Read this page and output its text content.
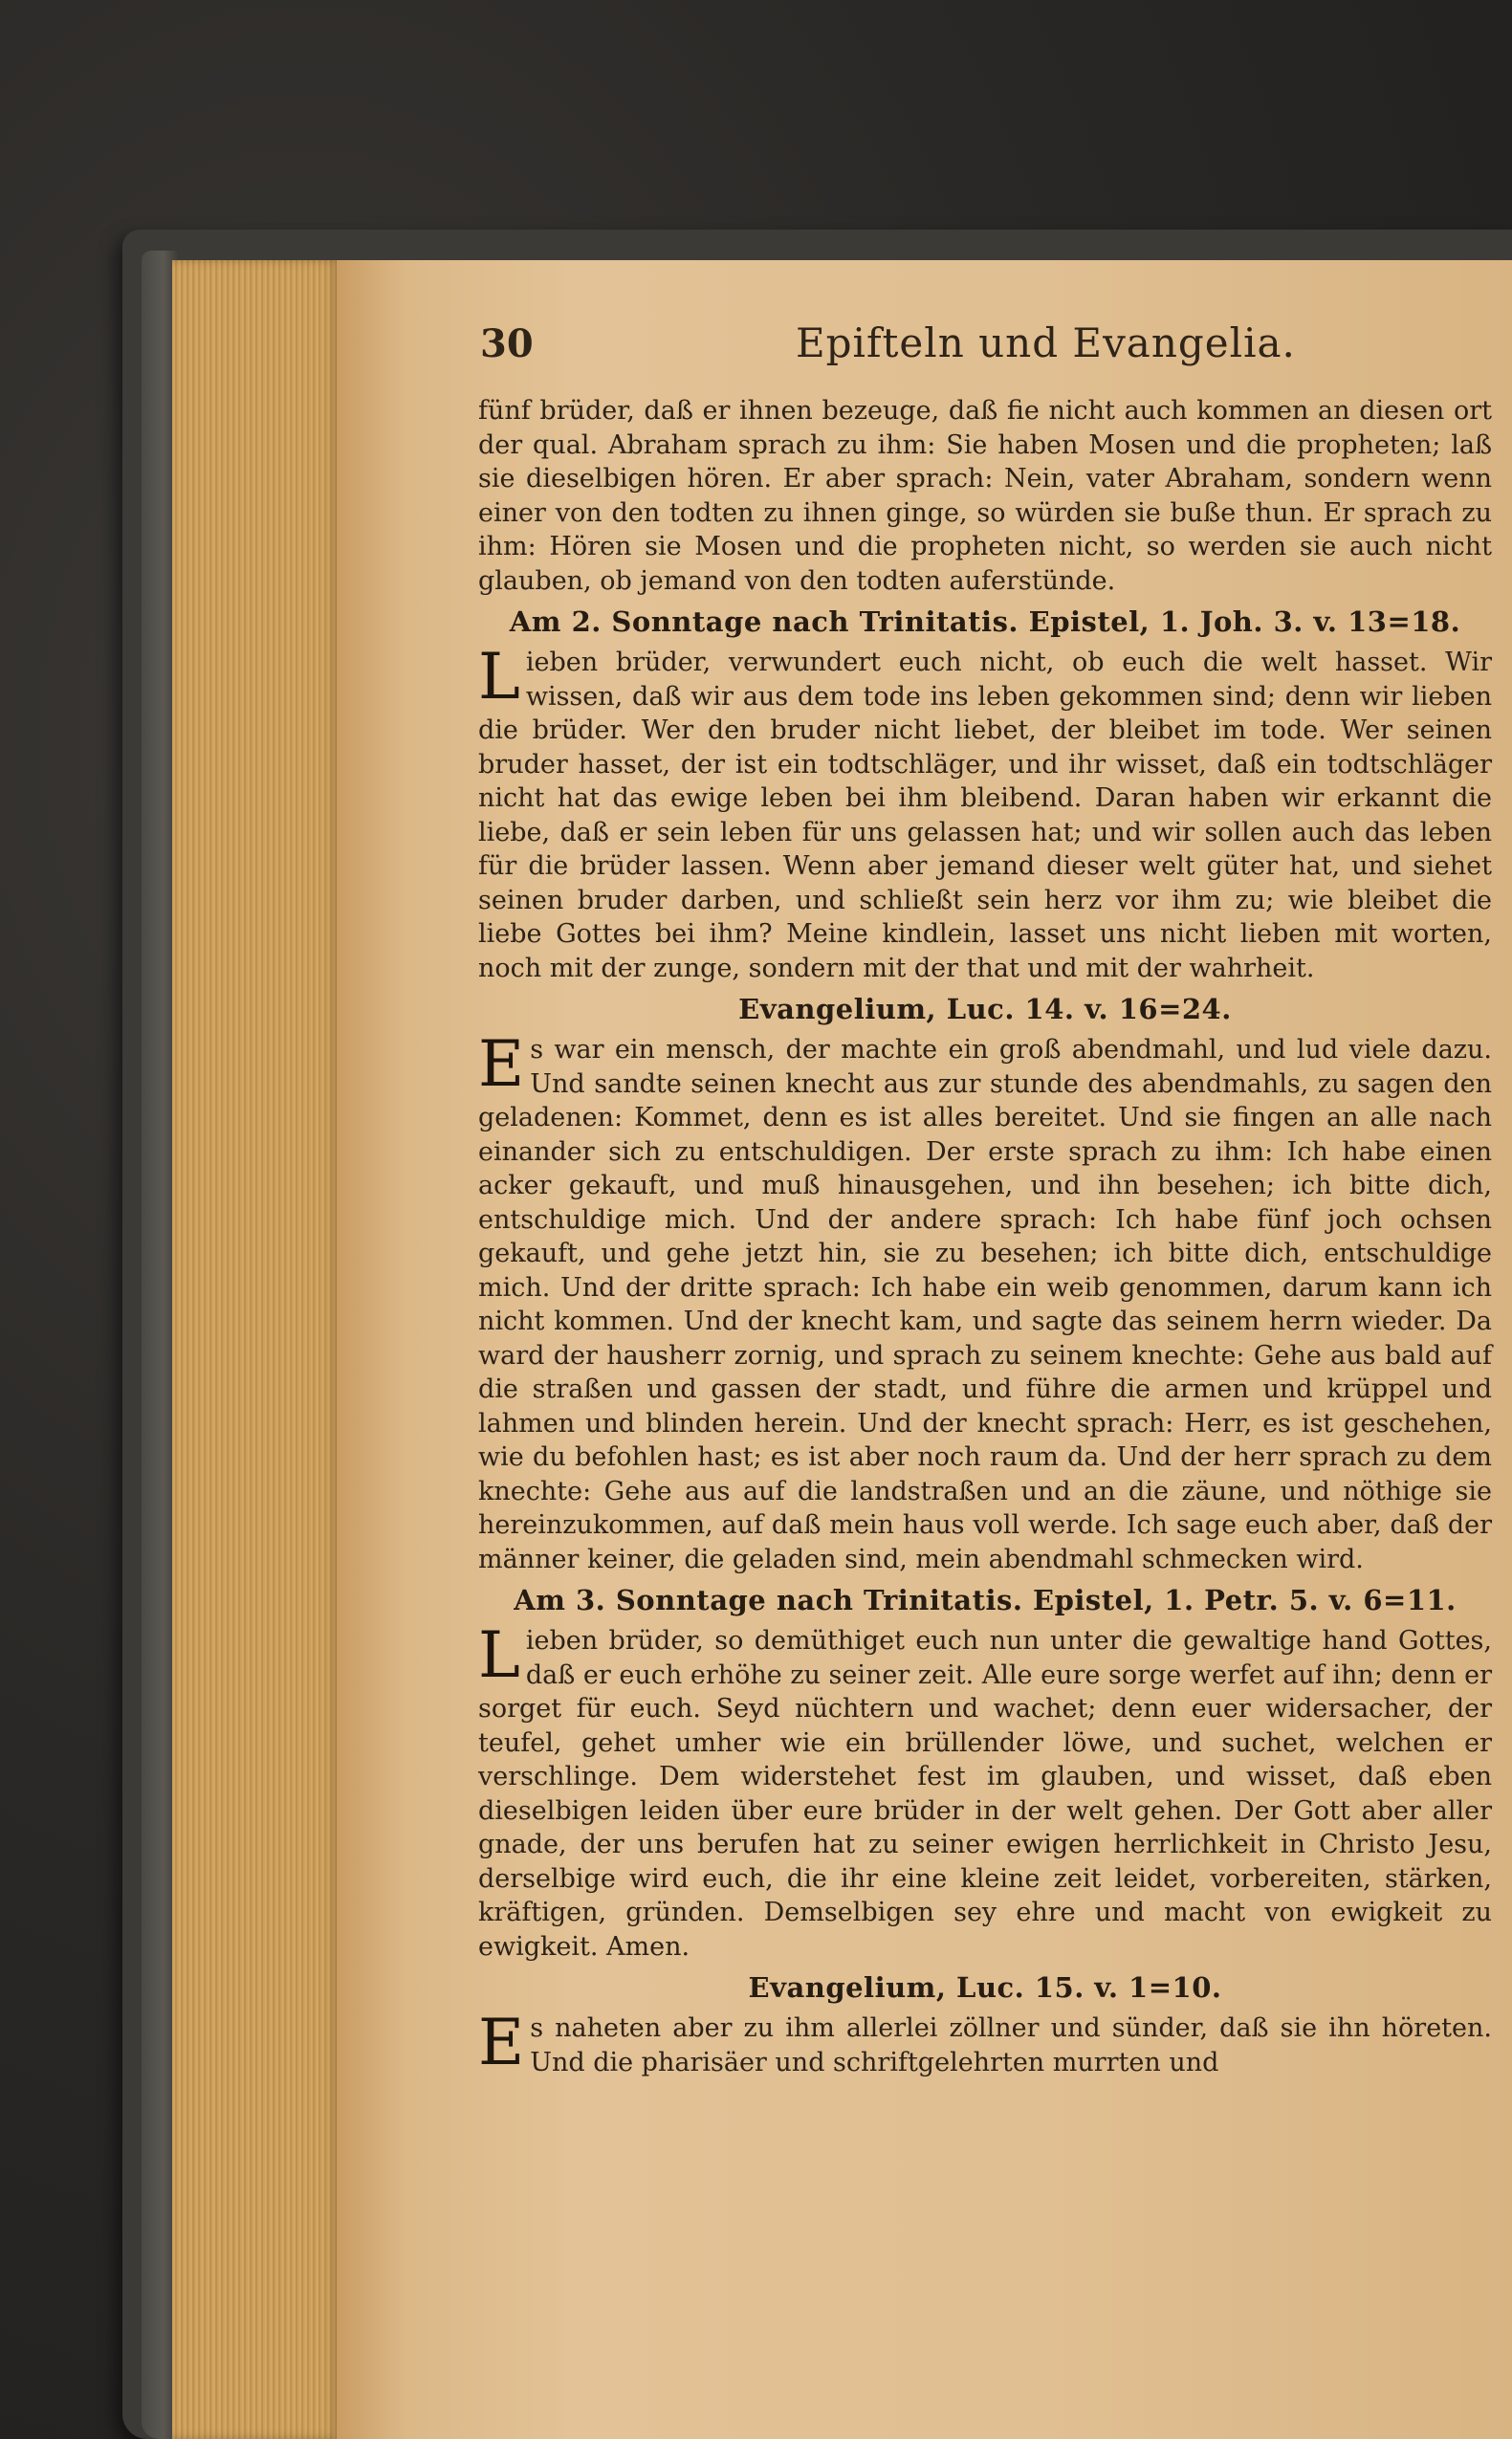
30	Epifteln und Evangelia.

fünf brüder, daß er ihnen bezeuge, daß fie nicht auch kommen an diesen ort der qual. Abraham sprach zu ihm: Sie haben Mosen und die propheten; laß sie dieselbigen hören. Er aber sprach: Nein, vater Abraham, sondern wenn einer von den todten zu ihnen ginge, so würden sie buße thun. Er sprach zu ihm: Hören sie Mosen und die propheten nicht, so werden sie auch nicht glauben, ob jemand von den todten auferstünde.

Am 2. Sonntage nach Trinitatis. Epistel, 1. Joh. 3. v. 13=18.

Lieben brüder, verwundert euch nicht, ob euch die welt hasset. Wir wissen, daß wir aus dem tode ins leben gekommen sind; denn wir lieben die brüder. Wer den bruder nicht liebet, der bleibet im tode. Wer seinen bruder hasset, der ist ein todtschläger, und ihr wisset, daß ein todtschläger nicht hat das ewige leben bei ihm bleibend. Daran haben wir erkannt die liebe, daß er sein leben für uns gelassen hat; und wir sollen auch das leben für die brüder lassen. Wenn aber jemand dieser welt güter hat, und siehet seinen bruder darben, und schließt sein herz vor ihm zu; wie bleibet die liebe Gottes bei ihm? Meine kindlein, lasset uns nicht lieben mit worten, noch mit der zunge, sondern mit der that und mit der wahrheit.

Evangelium, Luc. 14. v. 16=24.

Es war ein mensch, der machte ein groß abendmahl, und lud viele dazu. Und sandte seinen knecht aus zur stunde des abendmahls, zu sagen den geladenen: Kommet, denn es ist alles bereitet. Und sie fingen an alle nach einander sich zu entschuldigen. Der erste sprach zu ihm: Ich habe einen acker gekauft, und muß hinausgehen, und ihn besehen; ich bitte dich, entschuldige mich. Und der andere sprach: Ich habe fünf joch ochsen gekauft, und gehe jetzt hin, sie zu besehen; ich bitte dich, entschuldige mich. Und der dritte sprach: Ich habe ein weib genommen, darum kann ich nicht kommen. Und der knecht kam, und sagte das seinem herrn wieder. Da ward der hausherr zornig, und sprach zu seinem knechte: Gehe aus bald auf die straßen und gassen der stadt, und führe die armen und krüppel und lahmen und blinden herein. Und der knecht sprach: Herr, es ist geschehen, wie du befohlen hast; es ist aber noch raum da. Und der herr sprach zu dem knechte: Gehe aus auf die landstraßen und an die zäune, und nöthige sie hereinzukommen, auf daß mein haus voll werde. Ich sage euch aber, daß der männer keiner, die geladen sind, mein abendmahl schmecken wird.

Am 3. Sonntage nach Trinitatis. Epistel, 1. Petr. 5. v. 6=11.

Lieben brüder, so demüthiget euch nun unter die gewaltige hand Gottes, daß er euch erhöhe zu seiner zeit. Alle eure sorge werfet auf ihn; denn er sorget für euch. Seyd nüchtern und wachet; denn euer widersacher, der teufel, gehet umher wie ein brüllender löwe, und suchet, welchen er verschlinge. Dem widerstehet fest im glauben, und wisset, daß eben dieselbigen leiden über eure brüder in der welt gehen. Der Gott aber aller gnade, der uns berufen hat zu seiner ewigen herrlichkeit in Christo Jesu, derselbige wird euch, die ihr eine kleine zeit leidet, vorbereiten, stärken, kräftigen, gründen. Demselbigen sey ehre und macht von ewigkeit zu ewigkeit. Amen.

Evangelium, Luc. 15. v. 1=10.

Es naheten aber zu ihm allerlei zöllner und sünder, daß sie ihn höreten. Und die pharisäer und schriftgelehrten murrten und
